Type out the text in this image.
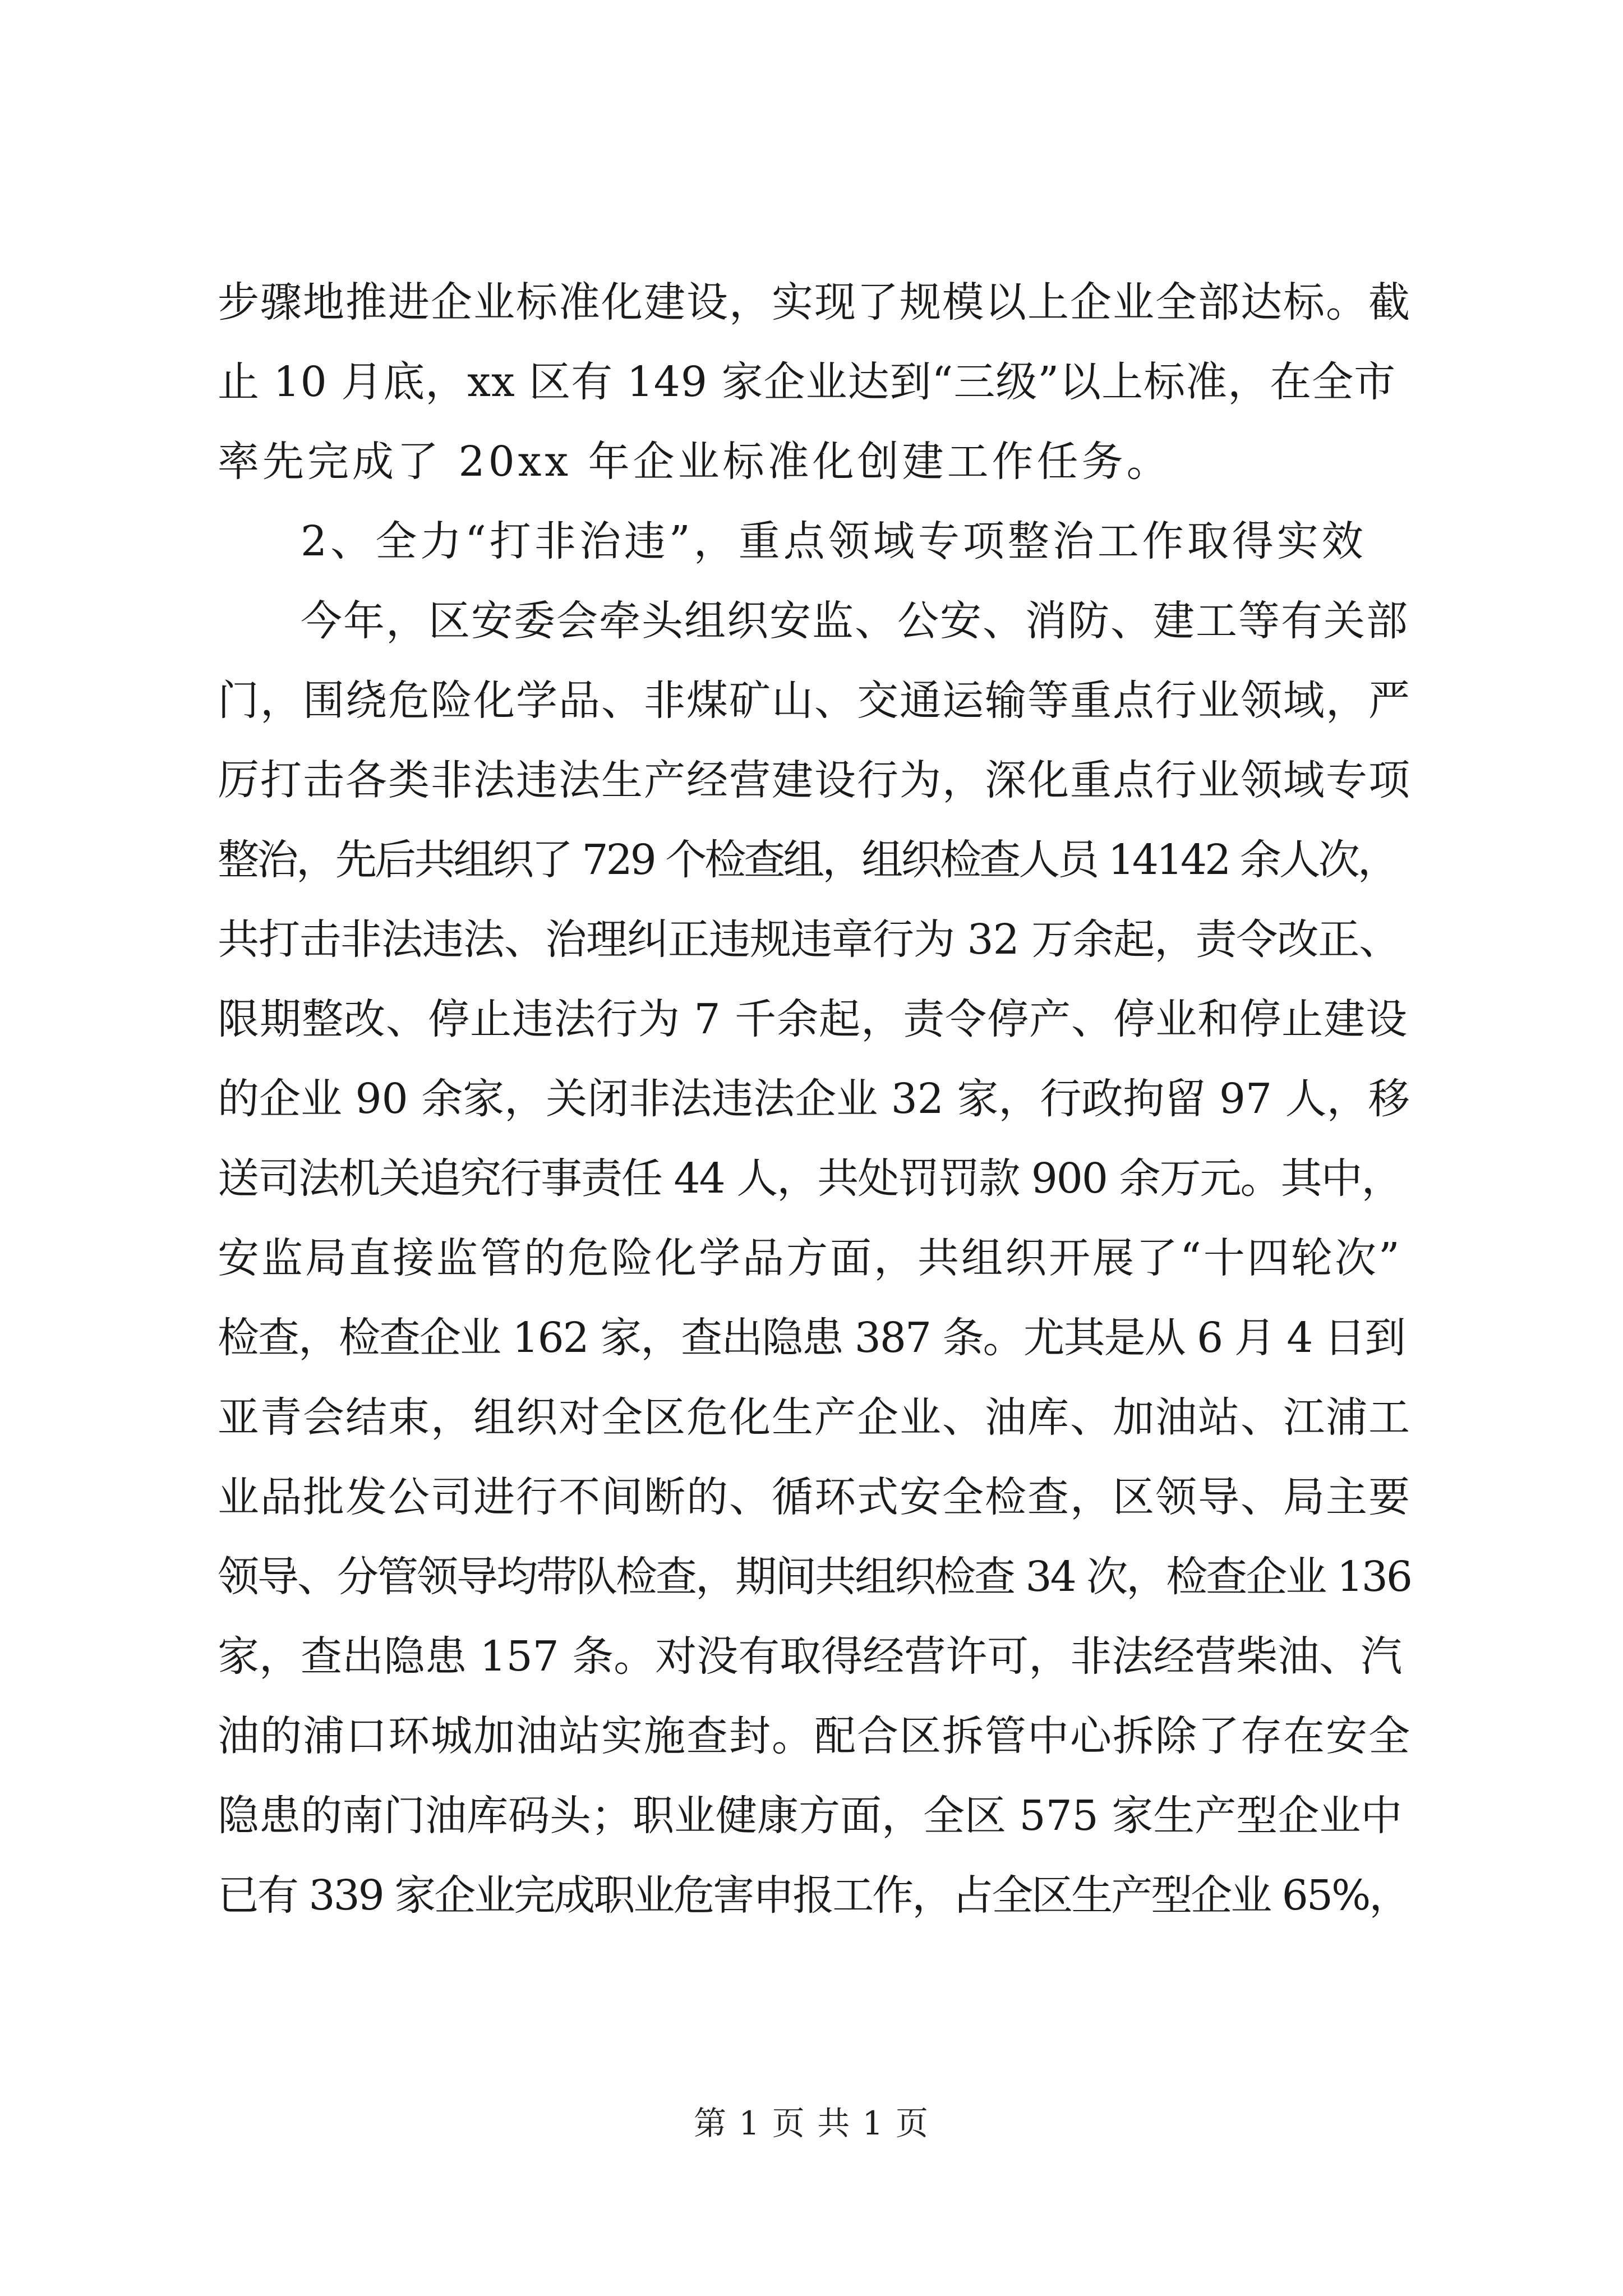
步骤地推进企业标准化建设，实现了规模以上企业全部达标。截
止 10 月底，xx 区有 149 家企业达到“三级”以上标准，在全市
率先完成了 20xx 年企业标准化创建工作任务。
2、全力“打非治违”，重点领域专项整治工作取得实效
今年，区安委会牵头组织安监、公安、消防、建工等有关部
门，围绕危险化学品、非煤矿山、交通运输等重点行业领域，严
厉打击各类非法违法生产经营建设行为，深化重点行业领域专项
整治，先后共组织了 729 个检查组，组织检查人员 14142 余人次，
共打击非法违法、治理纠正违规违章行为 32 万余起，责令改正、
限期整改、停止违法行为 7 千余起，责令停产、停业和停止建设
的企业 90 余家，关闭非法违法企业 32 家，行政拘留 97 人，移
送司法机关追究行事责任 44 人，共处罚罚款 900 余万元。其中，
安监局直接监管的危险化学品方面，共组织开展了“十四轮次”
检查，检查企业 162 家，查出隐患 387 条。尤其是从 6 月 4 日到
亚青会结束，组织对全区危化生产企业、油库、加油站、江浦工
业品批发公司进行不间断的、循环式安全检查，区领导、局主要
领导、分管领导均带队检查，期间共组织检查 34 次，检查企业 136
家，查出隐患 157 条。对没有取得经营许可，非法经营柴油、汽
油的浦口环城加油站实施查封。配合区拆管中心拆除了存在安全
隐患的南门油库码头；职业健康方面，全区 575 家生产型企业中
已有 339 家企业完成职业危害申报工作，占全区生产型企业 65%，
第 1 页 共 1 页
